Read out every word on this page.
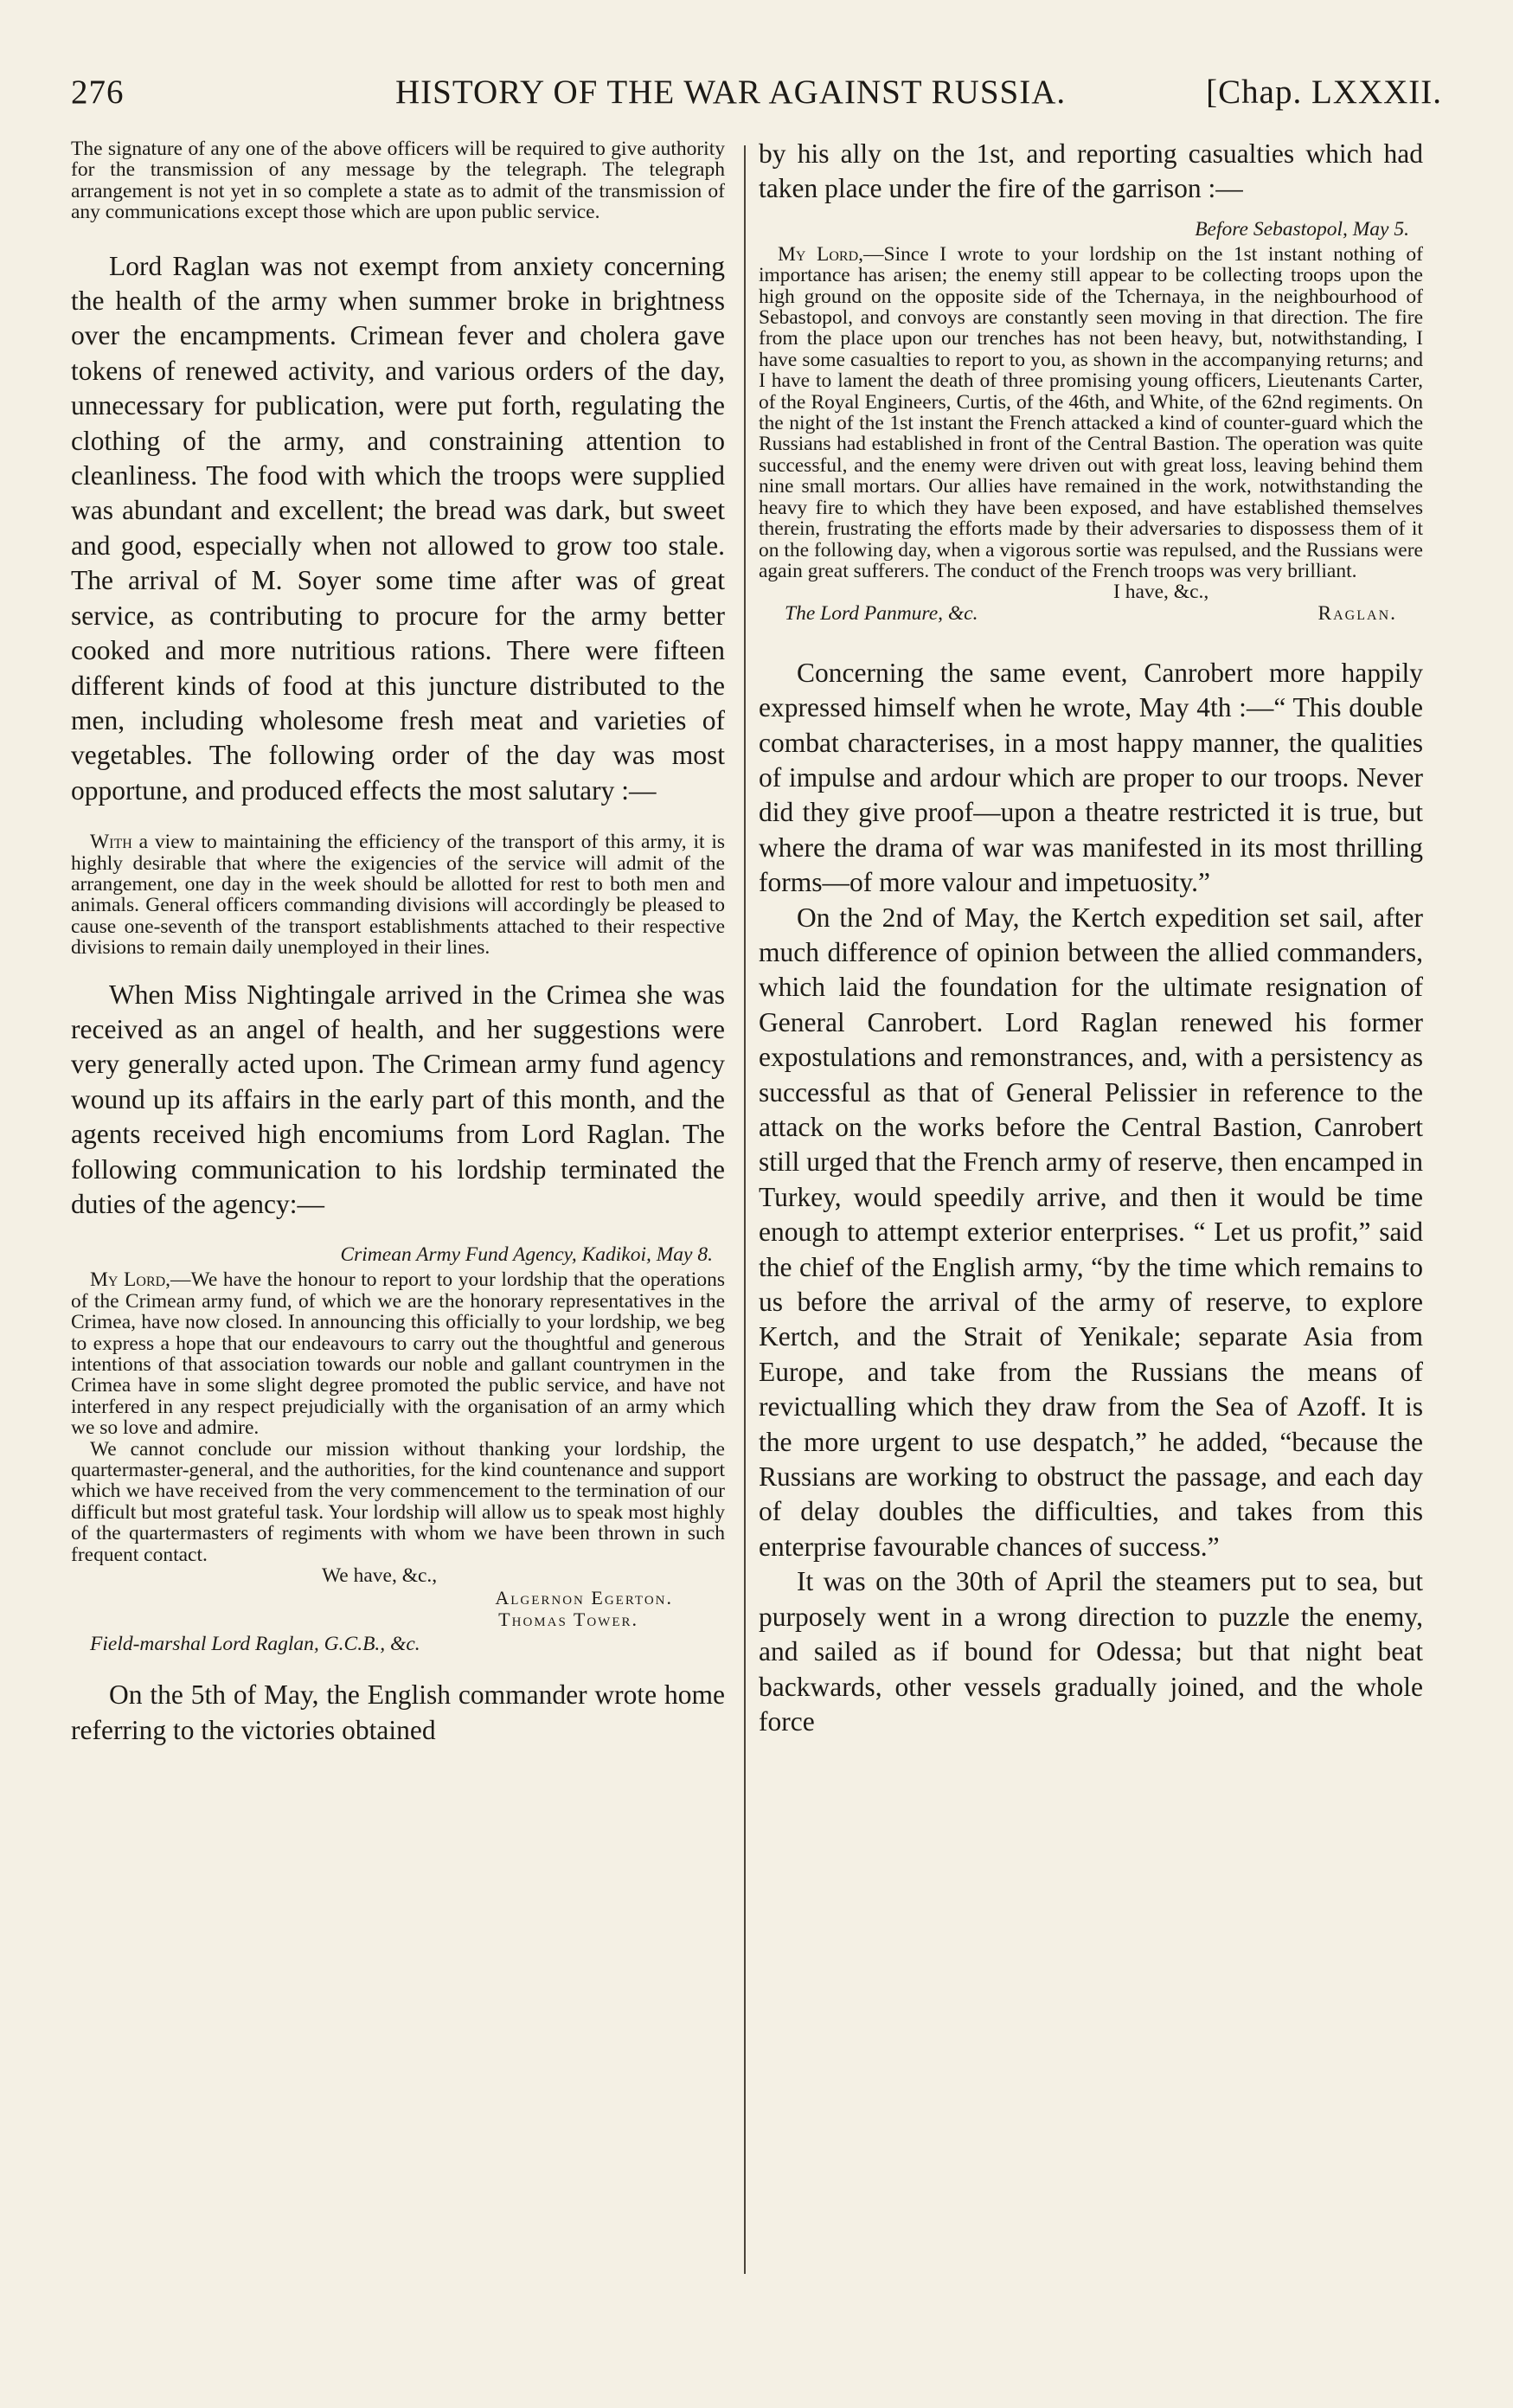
276	HISTORY OF THE WAR AGAINST RUSSIA.	[Chap. LXXXII.

The signature of any one of the above officers will be required to give authority for the transmission of any message by the telegraph. The telegraph arrangement is not yet in so complete a state as to admit of the transmission of any communications except those which are upon public service.

Lord Raglan was not exempt from anxiety concerning the health of the army when summer broke in brightness over the encampments. Crimean fever and cholera gave tokens of renewed activity, and various orders of the day, unnecessary for publication, were put forth, regulating the clothing of the army, and constraining attention to cleanliness. The food with which the troops were supplied was abundant and excellent; the bread was dark, but sweet and good, especially when not allowed to grow too stale. The arrival of M. Soyer some time after was of great service, as contributing to procure for the army better cooked and more nutritious rations. There were fifteen different kinds of food at this juncture distributed to the men, including wholesome fresh meat and varieties of vegetables. The following order of the day was most opportune, and produced effects the most salutary :—

With a view to maintaining the efficiency of the transport of this army, it is highly desirable that where the exigencies of the service will admit of the arrangement, one day in the week should be allotted for rest to both men and animals. General officers commanding divisions will accordingly be pleased to cause one-seventh of the transport establishments attached to their respective divisions to remain daily unemployed in their lines.

When Miss Nightingale arrived in the Crimea she was received as an angel of health, and her suggestions were very generally acted upon. The Crimean army fund agency wound up its affairs in the early part of this month, and the agents received high encomiums from Lord Raglan. The following communication to his lordship terminated the duties of the agency:—

Crimean Army Fund Agency, Kadikoi, May 8.

My Lord,—We have the honour to report to your lordship that the operations of the Crimean army fund, of which we are the honorary representatives in the Crimea, have now closed. In announcing this officially to your lordship, we beg to express a hope that our endeavours to carry out the thoughtful and generous intentions of that association towards our noble and gallant countrymen in the Crimea have in some slight degree promoted the public service, and have not interfered in any respect prejudicially with the organisation of an army which we so love and admire.

We cannot conclude our mission without thanking your lordship, the quartermaster-general, and the authorities, for the kind countenance and support which we have received from the very commencement to the termination of our difficult but most grateful task. Your lordship will allow us to speak most highly of the quartermasters of regiments with whom we have been thrown in such frequent contact.

We have, &c.,

Algernon Egerton.

Thomas Tower.

Field-marshal Lord Raglan, G.C.B., &c.

On the 5th of May, the English commander wrote home referring to the victories obtained

by his ally on the 1st, and reporting casualties which had taken place under the fire of the garrison :—

Before Sebastopol, May 5.

My Lord,—Since I wrote to your lordship on the 1st instant nothing of importance has arisen; the enemy still appear to be collecting troops upon the high ground on the opposite side of the Tchernaya, in the neighbourhood of Sebastopol, and convoys are constantly seen moving in that direction. The fire from the place upon our trenches has not been heavy, but, notwithstanding, I have some casualties to report to you, as shown in the accompanying returns; and I have to lament the death of three promising young officers, Lieutenants Carter, of the Royal Engineers, Curtis, of the 46th, and White, of the 62nd regiments. On the night of the 1st instant the French attacked a kind of counter-guard which the Russians had established in front of the Central Bastion. The operation was quite successful, and the enemy were driven out with great loss, leaving behind them nine small mortars. Our allies have remained in the work, notwithstanding the heavy fire to which they have been exposed, and have established themselves therein, frustrating the efforts made by their adversaries to dispossess them of it on the following day, when a vigorous sortie was repulsed, and the Russians were again great sufferers. The conduct of the French troops was very brilliant.

I have, &c.,

The Lord Panmure, &c.	Raglan.

Concerning the same event, Canrobert more happily expressed himself when he wrote, May 4th :—“ This double combat characterises, in a most happy manner, the qualities of impulse and ardour which are proper to our troops. Never did they give proof—upon a theatre restricted it is true, but where the drama of war was manifested in its most thrilling forms—of more valour and impetuosity.”

On the 2nd of May, the Kertch expedition set sail, after much difference of opinion between the allied commanders, which laid the foundation for the ultimate resignation of General Canrobert. Lord Raglan renewed his former expostulations and remonstrances, and, with a persistency as successful as that of General Pelissier in reference to the attack on the works before the Central Bastion, Canrobert still urged that the French army of reserve, then encamped in Turkey, would speedily arrive, and then it would be time enough to attempt exterior enterprises. “ Let us profit,” said the chief of the English army, “by the time which remains to us before the arrival of the army of reserve, to explore Kertch, and the Strait of Yenikale; separate Asia from Europe, and take from the Russians the means of revictualling which they draw from the Sea of Azoff. It is the more urgent to use despatch,” he added, “because the Russians are working to obstruct the passage, and each day of delay doubles the difficulties, and takes from this enterprise favourable chances of success.”

It was on the 30th of April the steamers put to sea, but purposely went in a wrong direction to puzzle the enemy, and sailed as if bound for Odessa; but that night beat backwards, other vessels gradually joined, and the whole force
